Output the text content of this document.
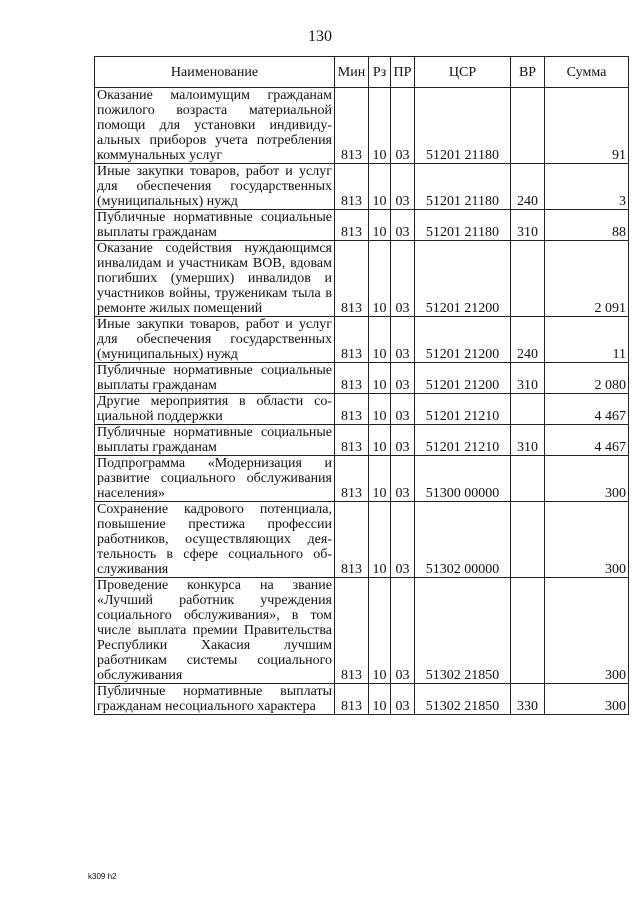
130
Наименование	Мин	Рз	ПР	ЦСР	ВР	Сумма
Оказание малоимущим гражданам пожилого возраста материальной помощи для установки индивидуальных приборов учета потребления коммунальных услуг	813	10	03	51201 21180		91
Иные закупки товаров, работ и услуг для обеспечения государственных (муниципальных) нужд	813	10	03	51201 21180	240	3
Публичные нормативные социальные выплаты гражданам	813	10	03	51201 21180	310	88
Оказание содействия нуждающимся инвалидам и участникам ВОВ, вдовам погибших (умерших) инвалидов и участников войны, труженикам тыла в ремонте жилых помещений	813	10	03	51201 21200		2 091
Иные закупки товаров, работ и услуг для обеспечения государственных (муниципальных) нужд	813	10	03	51201 21200	240	11
Публичные нормативные социальные выплаты гражданам	813	10	03	51201 21200	310	2 080
Другие мероприятия в области социальной поддержки	813	10	03	51201 21210		4 467
Публичные нормативные социальные выплаты гражданам	813	10	03	51201 21210	310	4 467
Подпрограмма «Модернизация и развитие социального обслуживания населения»	813	10	03	51300 00000		300
Сохранение кадрового потенциала, повышение престижа профессии работников, осуществляющих деятельность в сфере социального обслуживания	813	10	03	51302 00000		300
Проведение конкурса на звание «Лучший работник учреждения социального обслуживания», в том числе выплата премии Правительства Республики Хакасия лучшим работникам системы социального обслуживания	813	10	03	51302 21850		300
Публичные нормативные выплаты гражданам несоциального характера	813	10	03	51302 21850	330	300
k309 h2
